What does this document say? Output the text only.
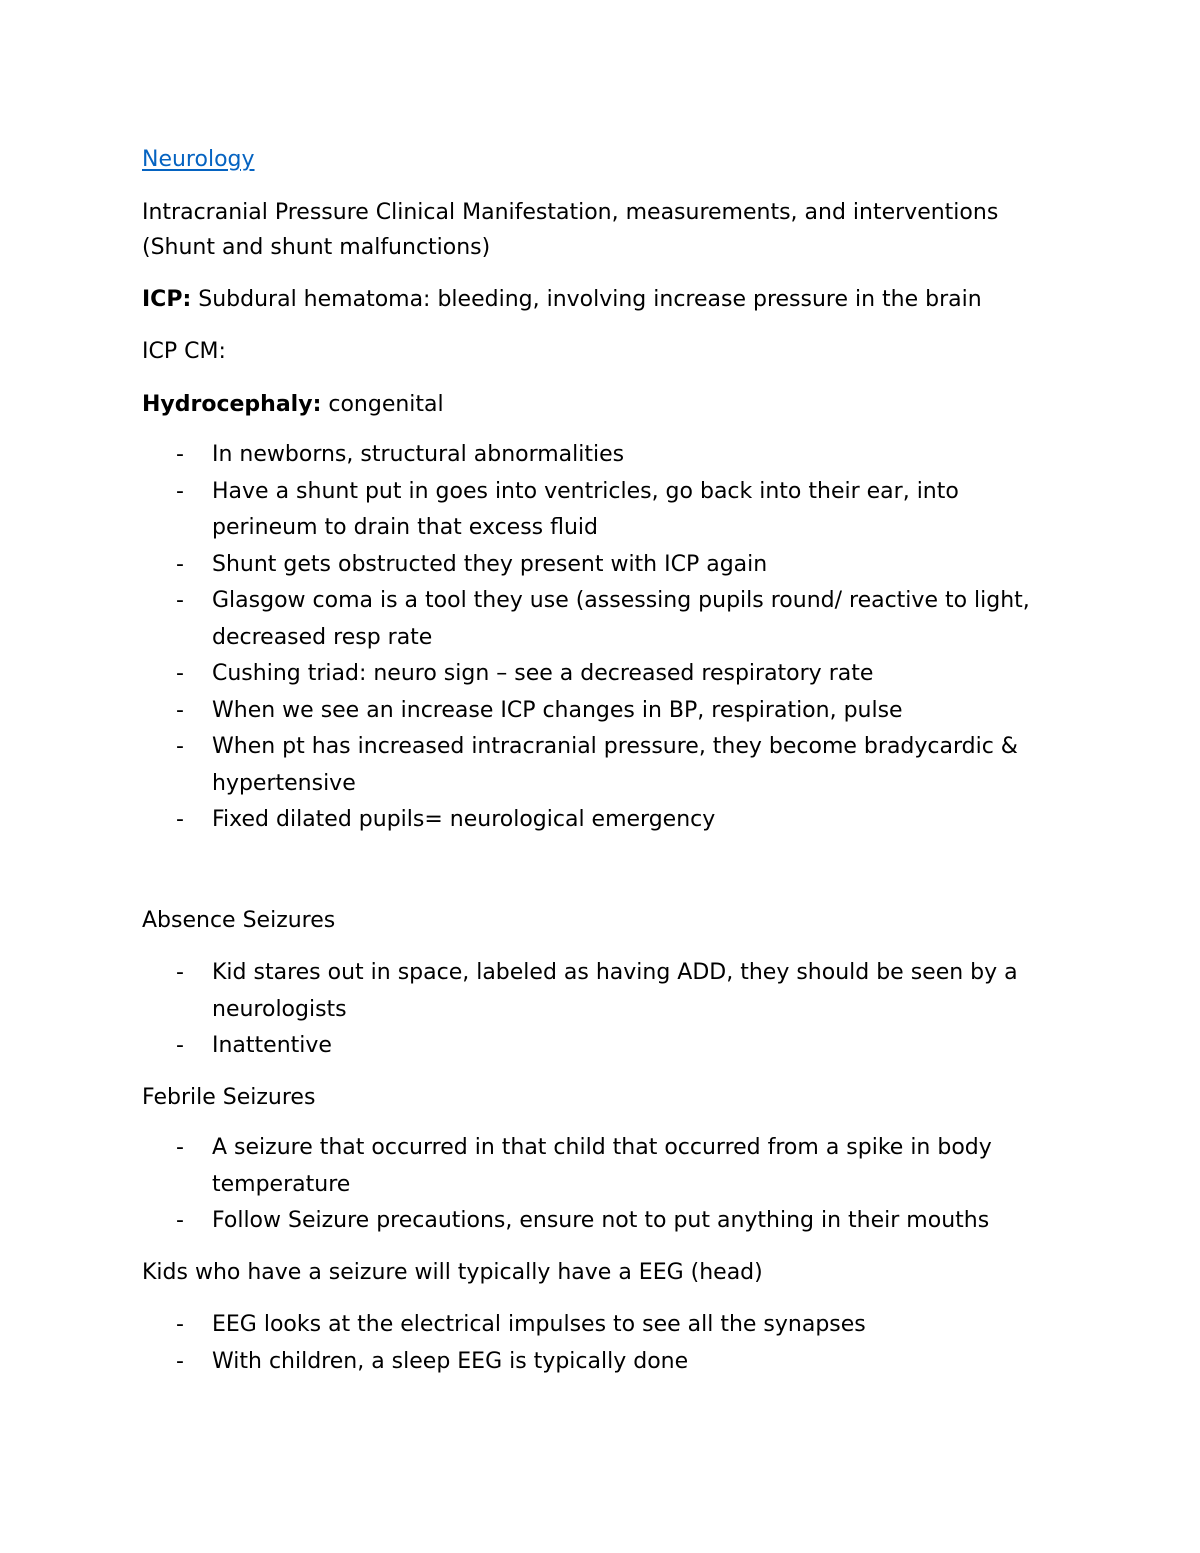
Neurology
Intracranial Pressure Clinical Manifestation, measurements, and interventions
(Shunt and shunt malfunctions)
ICP: Subdural hematoma: bleeding, involving increase pressure in the brain
ICP CM:
Hydrocephaly: congenital
- In newborns, structural abnormalities
- Have a shunt put in goes into ventricles, go back into their ear, into
perineum to drain that excess fluid
- Shunt gets obstructed they present with ICP again
- Glasgow coma is a tool they use (assessing pupils round/ reactive to light,
decreased resp rate
- Cushing triad: neuro sign – see a decreased respiratory rate
- When we see an increase ICP changes in BP, respiration, pulse
- When pt has increased intracranial pressure, they become bradycardic &
hypertensive
- Fixed dilated pupils= neurological emergency
Absence Seizures
- Kid stares out in space, labeled as having ADD, they should be seen by a
neurologists
- Inattentive
Febrile Seizures
- A seizure that occurred in that child that occurred from a spike in body
temperature
- Follow Seizure precautions, ensure not to put anything in their mouths
Kids who have a seizure will typically have a EEG (head)
- EEG looks at the electrical impulses to see all the synapses
- With children, a sleep EEG is typically done
